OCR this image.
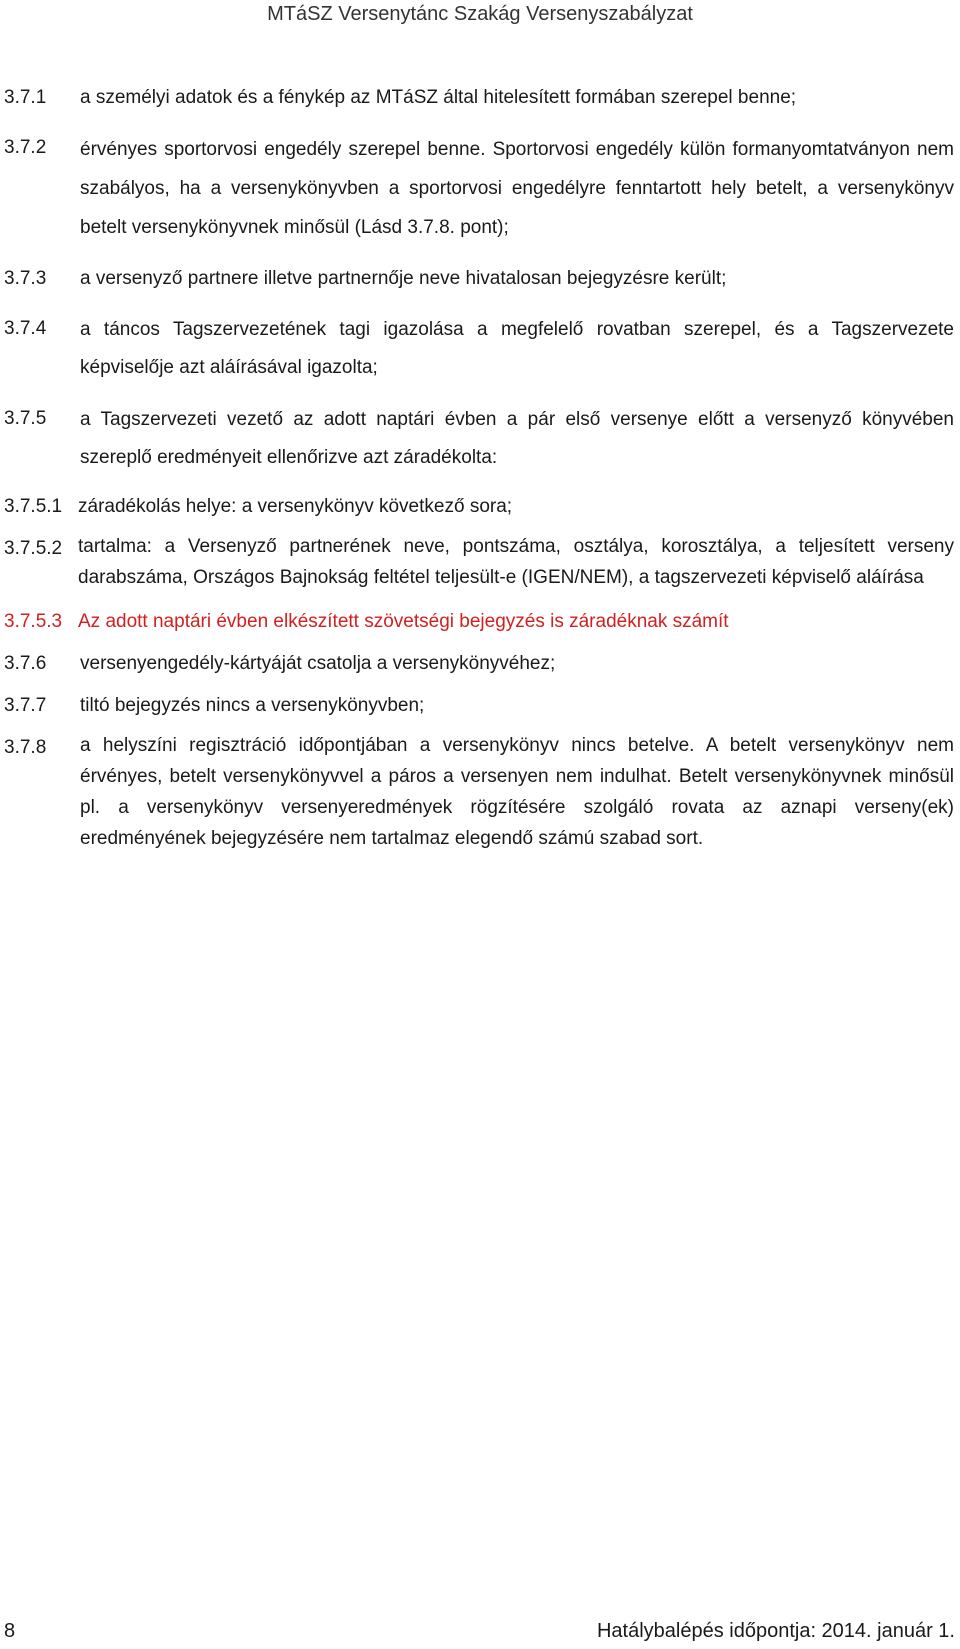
MTáSZ Versenytánc Szakág Versenyszabályzat
3.7.1	a személyi adatok és a fénykép az MTáSZ által hitelesített formában szerepel benne;
3.7.2	érvényes sportorvosi engedély szerepel benne. Sportorvosi engedély külön formanyomtatványon nem szabályos, ha a versenykönyvben a sportorvosi engedélyre fenntartott hely betelt, a versenykönyv betelt versenykönyvnek minősül (Lásd 3.7.8. pont);
3.7.3	a versenyző partnere illetve partnernője neve hivatalosan bejegyzésre került;
3.7.4	a táncos Tagszervezetének tagi igazolása a megfelelő rovatban szerepel, és a Tagszervezete képviselője azt aláírásával igazolta;
3.7.5	a Tagszervezeti vezető az adott naptári évben a pár első versenye előtt a versenyző könyvében szereplő eredményeit ellenőrizve azt záradékolta:
3.7.5.1 záradékolás helye: a versenykönyv következő sora;
3.7.5.2 tartalma: a Versenyző partnerének neve, pontszáma, osztálya, korosztálya, a teljesített verseny darabszáma, Országos Bajnokság feltétel teljesült-e (IGEN/NEM), a tagszervezeti képviselő aláírása
3.7.5.3 Az adott naptári évben elkészített szövetségi bejegyzés is záradéknak számít
3.7.6	versenyengedély-kártyáját csatolja a versenykönyvéhez;
3.7.7	tiltó bejegyzés nincs a versenykönyvben;
3.7.8	a helyszíni regisztráció időpontjában a versenykönyv nincs betelve. A betelt versenykönyv nem érvényes, betelt versenykönyvvel a páros a versenyen nem indulhat. Betelt versenykönyvnek minősül pl. a versenykönyv versenyeredmények rögzítésére szolgáló rovata az aznapi verseny(ek) eredményének bejegyzésére nem tartalmaz elegendő számú szabad sort.
8	Hatálybalépés időpontja: 2014. január 1.
